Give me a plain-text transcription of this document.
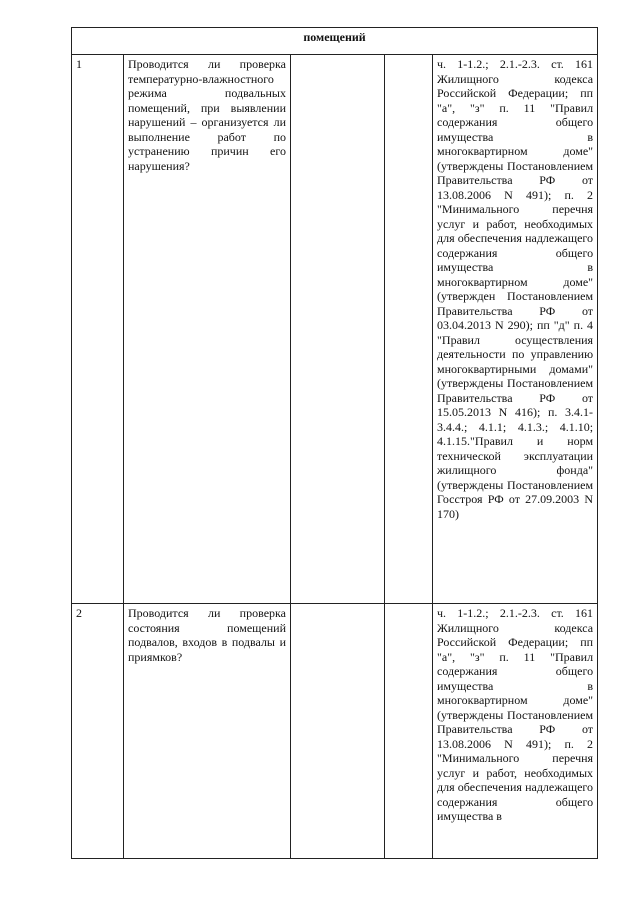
помещений				
1	Проводится ли проверка температурно-влажностного режима подвальных помещений, при выявлении нарушений – организуется ли выполнение работ по устранению причин его нарушения?			ч. 1-1.2.; 2.1.-2.3. ст. 161 Жилищного кодекса Российской Федерации; пп "а", "з" п. 11 "Правил содержания общего имущества в многоквартирном доме" (утверждены Постановлением Правительства РФ от 13.08.2006 N 491); п. 2 "Минимального перечня услуг и работ, необходимых для обеспечения надлежащего содержания общего имущества в многоквартирном доме" (утвержден Постановлением Правительства РФ от 03.04.2013 N 290); пп "д" п. 4 "Правил осуществления деятельности по управлению многоквартирными домами" (утверждены Постановлением Правительства РФ от 15.05.2013 N 416); п. 3.4.1-3.4.4.; 4.1.1; 4.1.3.; 4.1.10; 4.1.15."Правил и норм технической эксплуатации жилищного фонда" (утверждены Постановлением Госстроя РФ от 27.09.2003 N 170)
2	Проводится ли проверка состояния помещений подвалов, входов в подвалы и приямков?			ч. 1-1.2.; 2.1.-2.3. ст. 161 Жилищного кодекса Российской Федерации; пп "а", "з" п. 11 "Правил содержания общего имущества в многоквартирном доме" (утверждены Постановлением Правительства РФ от 13.08.2006 N 491); п. 2 "Минимального перечня услуг и работ, необходимых для обеспечения надлежащего содержания общего имущества в
